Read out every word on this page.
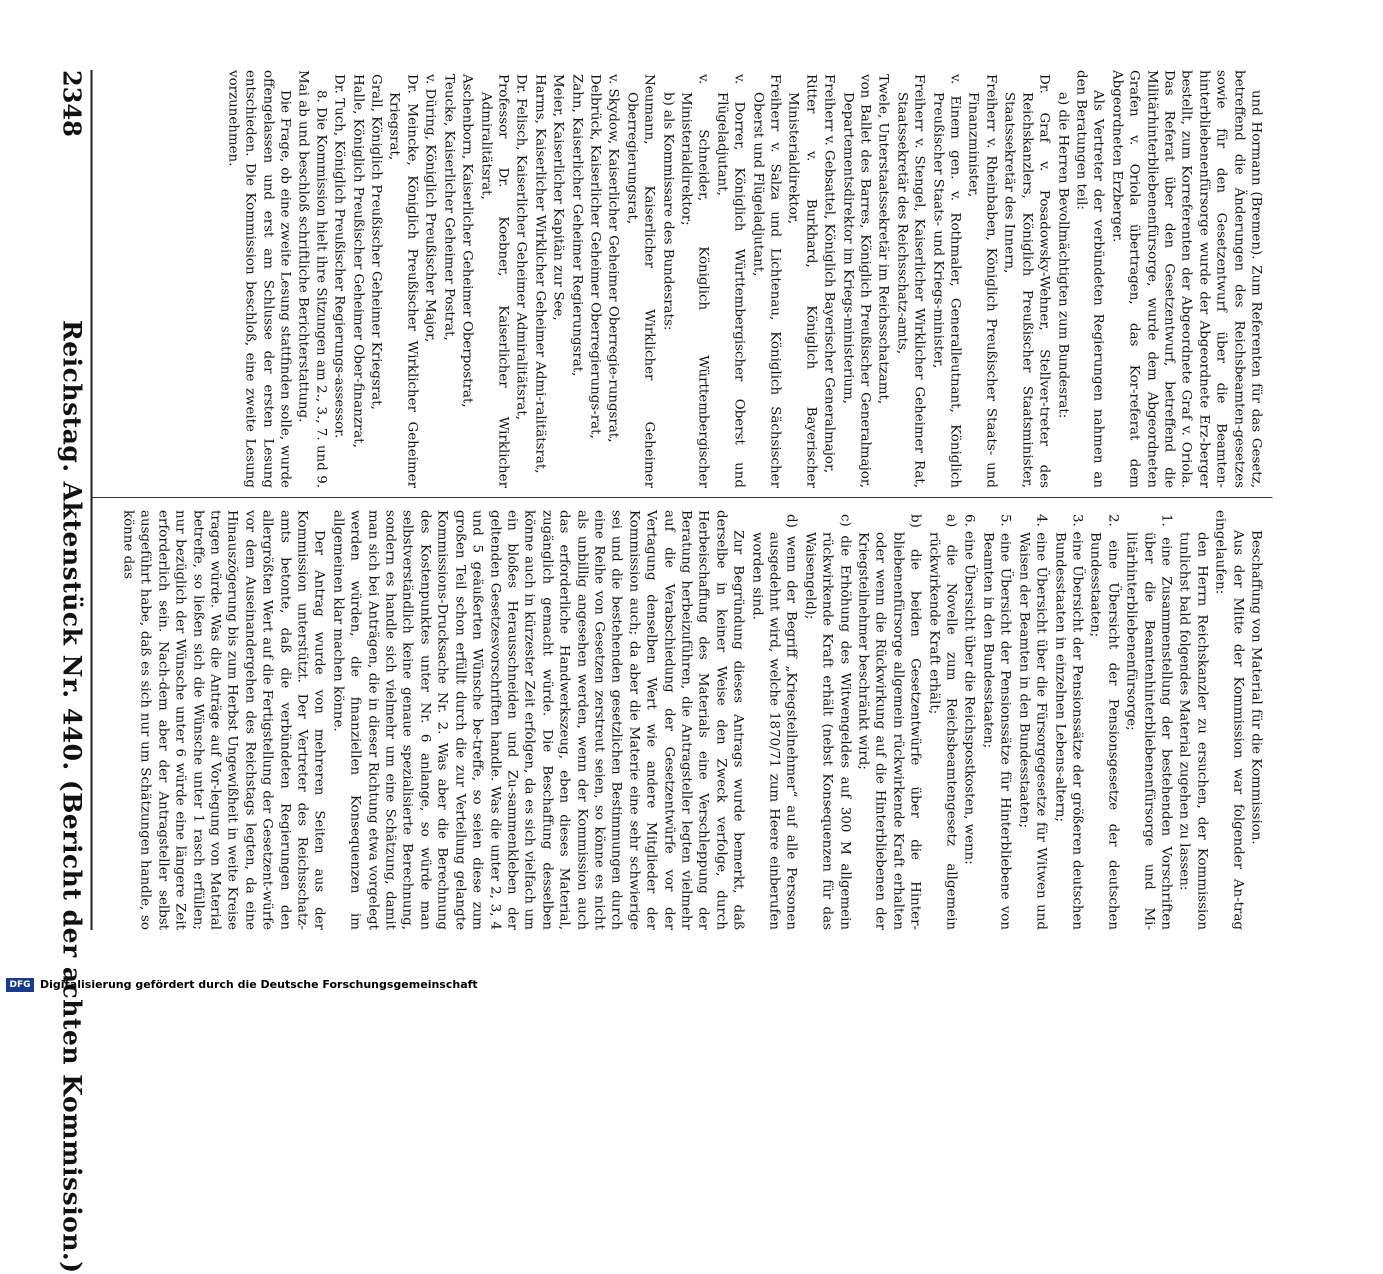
2348
Reichstag. Aktenstück Nr. 440. (Bericht der achten Kommission.)

und Hormann (Bremen). Zum Referenten für das Gesetz, betreffend die Änderungen des Reichsbeamten-gesetzes sowie für den Gesetzentwurf über die Beamten-hinterbliebenenfürsorge wurde der Abgeordnete Erz-berger bestellt, zum Korreferenten der Abgeordnete Graf v. Oriola. Das Referat über den Gesetzentwurf, betreffend die Militärhinterbliebenenfürsorge, wurde dem Abgeordneten Grafen v. Oriola übertragen, das Kor-referat dem Abgeordneten Erzberger.

Als Vertreter der verbündeten Regierungen nahmen an den Beratungen teil:

a) die Herren Bevollmächtigten zum Bundesrat:

Dr. Graf v. Posadowsky-Wehner, Stellver-treter des Reichskanzlers, Königlich Preußischer Staatsminister, Staatssekretär des Innern,

Freiherr v. Rheinbaben, Königlich Preußischer Staats- und Finanzminister,

v. Einem gen. v. Rothmaler, Generalleutnant, Königlich Preußischer Staats- und Kriegs-minister,

Freiherr v. Stengel, Kaiserlicher Wirklicher Geheimer Rat, Staatssekretär des Reichsschatz-amts,

Twele, Unterstaatssekretär im Reichsschatzamt,

von Ballet des Barres, Königlich Preußischer Generalmajor, Departementsdirektor im Kriegs-ministerium,

Freiherr v. Gebsattel, Königlich Bayerischer Generalmajor,

Ritter v. Burkhard, Königlich Bayerischer Ministerialdirektor,

Freiherr v. Salza und Lichtenau, Königlich Sächsischer Oberst und Flügeladjutant,

v. Dorrer, Königlich Württembergischer Oberst und Flügeladjutant,

v. Schneider, Königlich Württembergischer Ministerialdirektor;

b) als Kommissare des Bundesrats:

Neumann, Kaiserlicher Wirklicher Geheimer Oberregierungsrat,

v. Skydow, Kaiserlicher Geheimer Oberregie-rungsrat,

Delbrück, Kaiserlicher Geheimer Oberregierungs-rat,

Zahn, Kaiserlicher Geheimer Regierungsrat,

Meier, Kaiserlicher Kapitän zur See,

Harms, Kaiserlicher Wirklicher Geheimer Admi-ralitätsrat,

Dr. Felisch, Kaiserlicher Geheimer Admiralitätsrat,

Professor Dr. Koebner, Kaiserlicher Wirklicher Admiralitätsrat,

Aschenborn, Kaiserlicher Geheimer Oberpostrat,

Teucke, Kaiserlicher Geheimer Postrat,

v. Düring, Königlich Preußischer Major,

Dr. Meincke, Königlich Preußischer Wirklicher Geheimer Kriegsrat,

Grall, Königlich Preußischer Geheimer Kriegsrat,

Halle, Königlich Preußischer Geheimer Ober-finanzrat,

Dr. Tuch, Königlich Preußischer Regierungs-assessor.

8. Die Kommission hielt ihre Sitzungen am 2., 3., 7. und 9. Mai ab und beschloß schriftliche Berichterstattung.

Die Frage, ob eine zweite Lesung stattfinden solle, wurde offengelassen und erst am Schlusse der ersten Lesung entschieden. Die Kommission beschloß, eine zweite Lesung vorzunehmen.

Beschaffung von Material für die Kommission.

Aus der Mitte der Kommission war folgender An-trag eingelaufen:

den Herrn Reichskanzler zu ersuchen, der Kommission tunlichst bald folgendes Material zugehen zu lassen:

1. eine Zusammenstellung der bestehenden Vorschriften über die Beamtenhinterbliebenenfürsorge und Mi-litärhinterbliebenenfürsorge;

2. eine Übersicht der Pensionsgesetze der deutschen Bundesstaaten;

3. eine Übersicht der Pensionssätze der größeren deutschen Bundesstaaten in einzelnen Lebens-altern;

4. eine Übersicht über die Fürsorgegesetze für Witwen und Waisen der Beamten in den Bundesstaaten;

5. eine Übersicht der Pensionssätze für Hinterbliebene von Beamten in den Bundesstaaten;

6. eine Übersicht über die Reichspostkosten, wenn:

a) die Novelle zum Reichsbeamtengesetz allgemein rückwirkende Kraft erhält;

b) die beiden Gesetzentwürfe über die Hinter-bliebenenfürsorge allgemein rückwirkende Kraft erhalten oder wenn die Rückwirkung auf die Hinterbliebenen der Kriegsteilnehmer beschränkt wird;

c) die Erhöhung des Witwengeldes auf 300 M allgemein rückwirkende Kraft erhält (nebst Konsequenzen für das Waisengeld);

d) wenn der Begriff „Kriegsteilnehmer“ auf alle Personen ausgedehnt wird, welche 1870/71 zum Heere einberufen worden sind.

Zur Begründung dieses Antrags wurde bemerkt, daß derselbe in keiner Weise den Zweck verfolge, durch Herbeischaffung des Materials eine Verschleppung der Beratung herbeizuführen, die Antragsteller legten vielmehr auf die Verabschiedung der Gesetzentwürfe vor der Vertagung denselben Wert wie andere Mitglieder der Kommission auch; da aber die Materie eine sehr schwierige sei und die bestehenden gesetzlichen Bestimmungen durch eine Reihe von Gesetzen zerstreut seien, so könne es nicht als unbillig angesehen werden, wenn der Kommission auch das erforderliche Handwerkszeug, eben dieses Material, zugänglich gemacht würde. Die Beschaffung desselben könne auch in kürzester Zeit erfolgen, da es sich vielfach um ein bloßes Herausschneiden und Zu-sammenkleben der geltenden Gesetzesvorschriften handle. Was die unter 2, 3, 4 und 5 geäußerten Wünsche be-treffe, so seien diese zum großen Teil schon erfüllt durch die zur Verteilung gelangte Kommissions-Drucksache Nr. 2. Was aber die Berechnung des Kostenpunktes unter Nr. 6 anlange, so würde man selbstverständlich keine genaue spezialisierte Berechnung, sondern es handle sich vielmehr um eine Schätzung, damit man sich bei Anträgen, die in dieser Richtung etwa vorgelegt werden würden, die finanziellen Konsequenzen im allgemeinen klar machen könne.

Der Antrag wurde von mehreren Seiten aus der Kommission unterstützt. Der Vertreter des Reichsschatz-amts betonte, daß die verbündeten Regierungen den allergrößten Wert auf die Fertigstellung der Gesetzent-würfe vor dem Auseinandergehen des Reichstags legten, da eine Hinauszögerung bis zum Herbst Ungewißheit in weite Kreise tragen würde. Was die Anträge auf Vor-legung von Material betreffe, so ließen sich die Wünsche unter 1 rasch erfüllen; nur bezüglich der Wünsche unter 6 würde eine längere Zeit erforderlich sein. Nach-dem aber der Antragsteller selbst ausgeführt habe, daß es sich nur um Schätzungen handle, so könne das

DFG Digitalisierung gefördert durch die Deutsche Forschungsgemeinschaft
